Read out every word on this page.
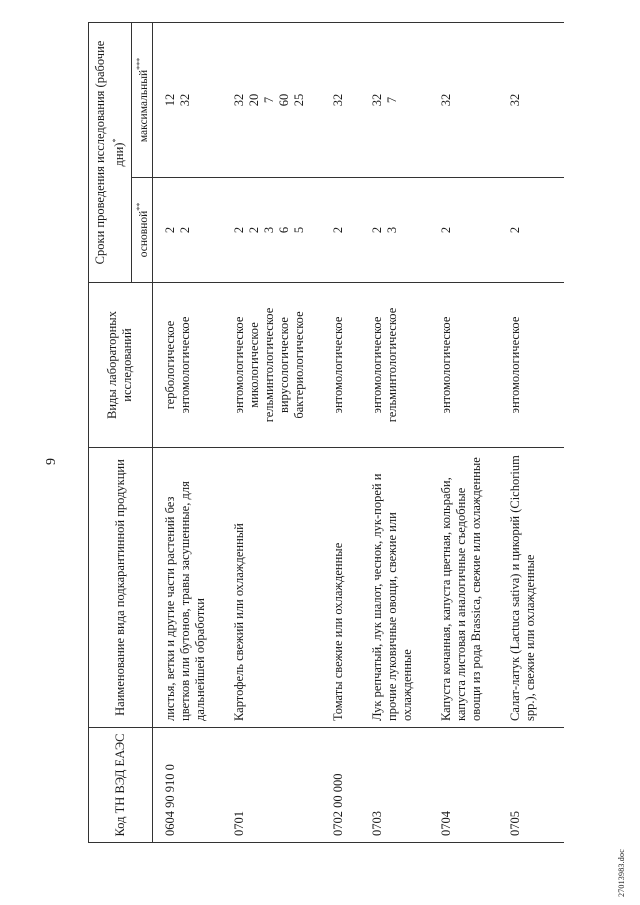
9
Код ТН ВЭД ЕАЭС	Наименование вида подкарантинной продукции	Виды лабораторных исследований	Сроки проведения исследования (рабочие дни)*
			основной**	максимальный***
0604 90 910 0	листья, ветки и другие части растений без цветков или бутонов, травы засушенные, для дальнейшей обработки	гербологическое энтомологическое	2 2	12 32

0701	Картофель свежий или охлажденный	энтомологическое микологическое гельминтологическое вирусологическое бактериологическое	2 2 3 6 5	32 20 7 60 25

0702 00 000	Томаты свежие или охлажденные	энтомологическое	2	32

0703	Лук репчатый, лук шалот, чеснок, лук-порей и прочие луковичные овощи, свежие или охлажденные	энтомологическое гельминтологическое	2 3	32 7

0704	Капуста кочанная, капуста цветная, кольраби, капуста листовая и аналогичные съедобные овощи из рода Brassica, свежие или охлажденные	энтомологическое	2	32

0705	Салат-латук (Lactuca sativa) и цикорий (Cichorium spp.), свежие или охлажденные	энтомологическое	2	32
2701398З.doc
